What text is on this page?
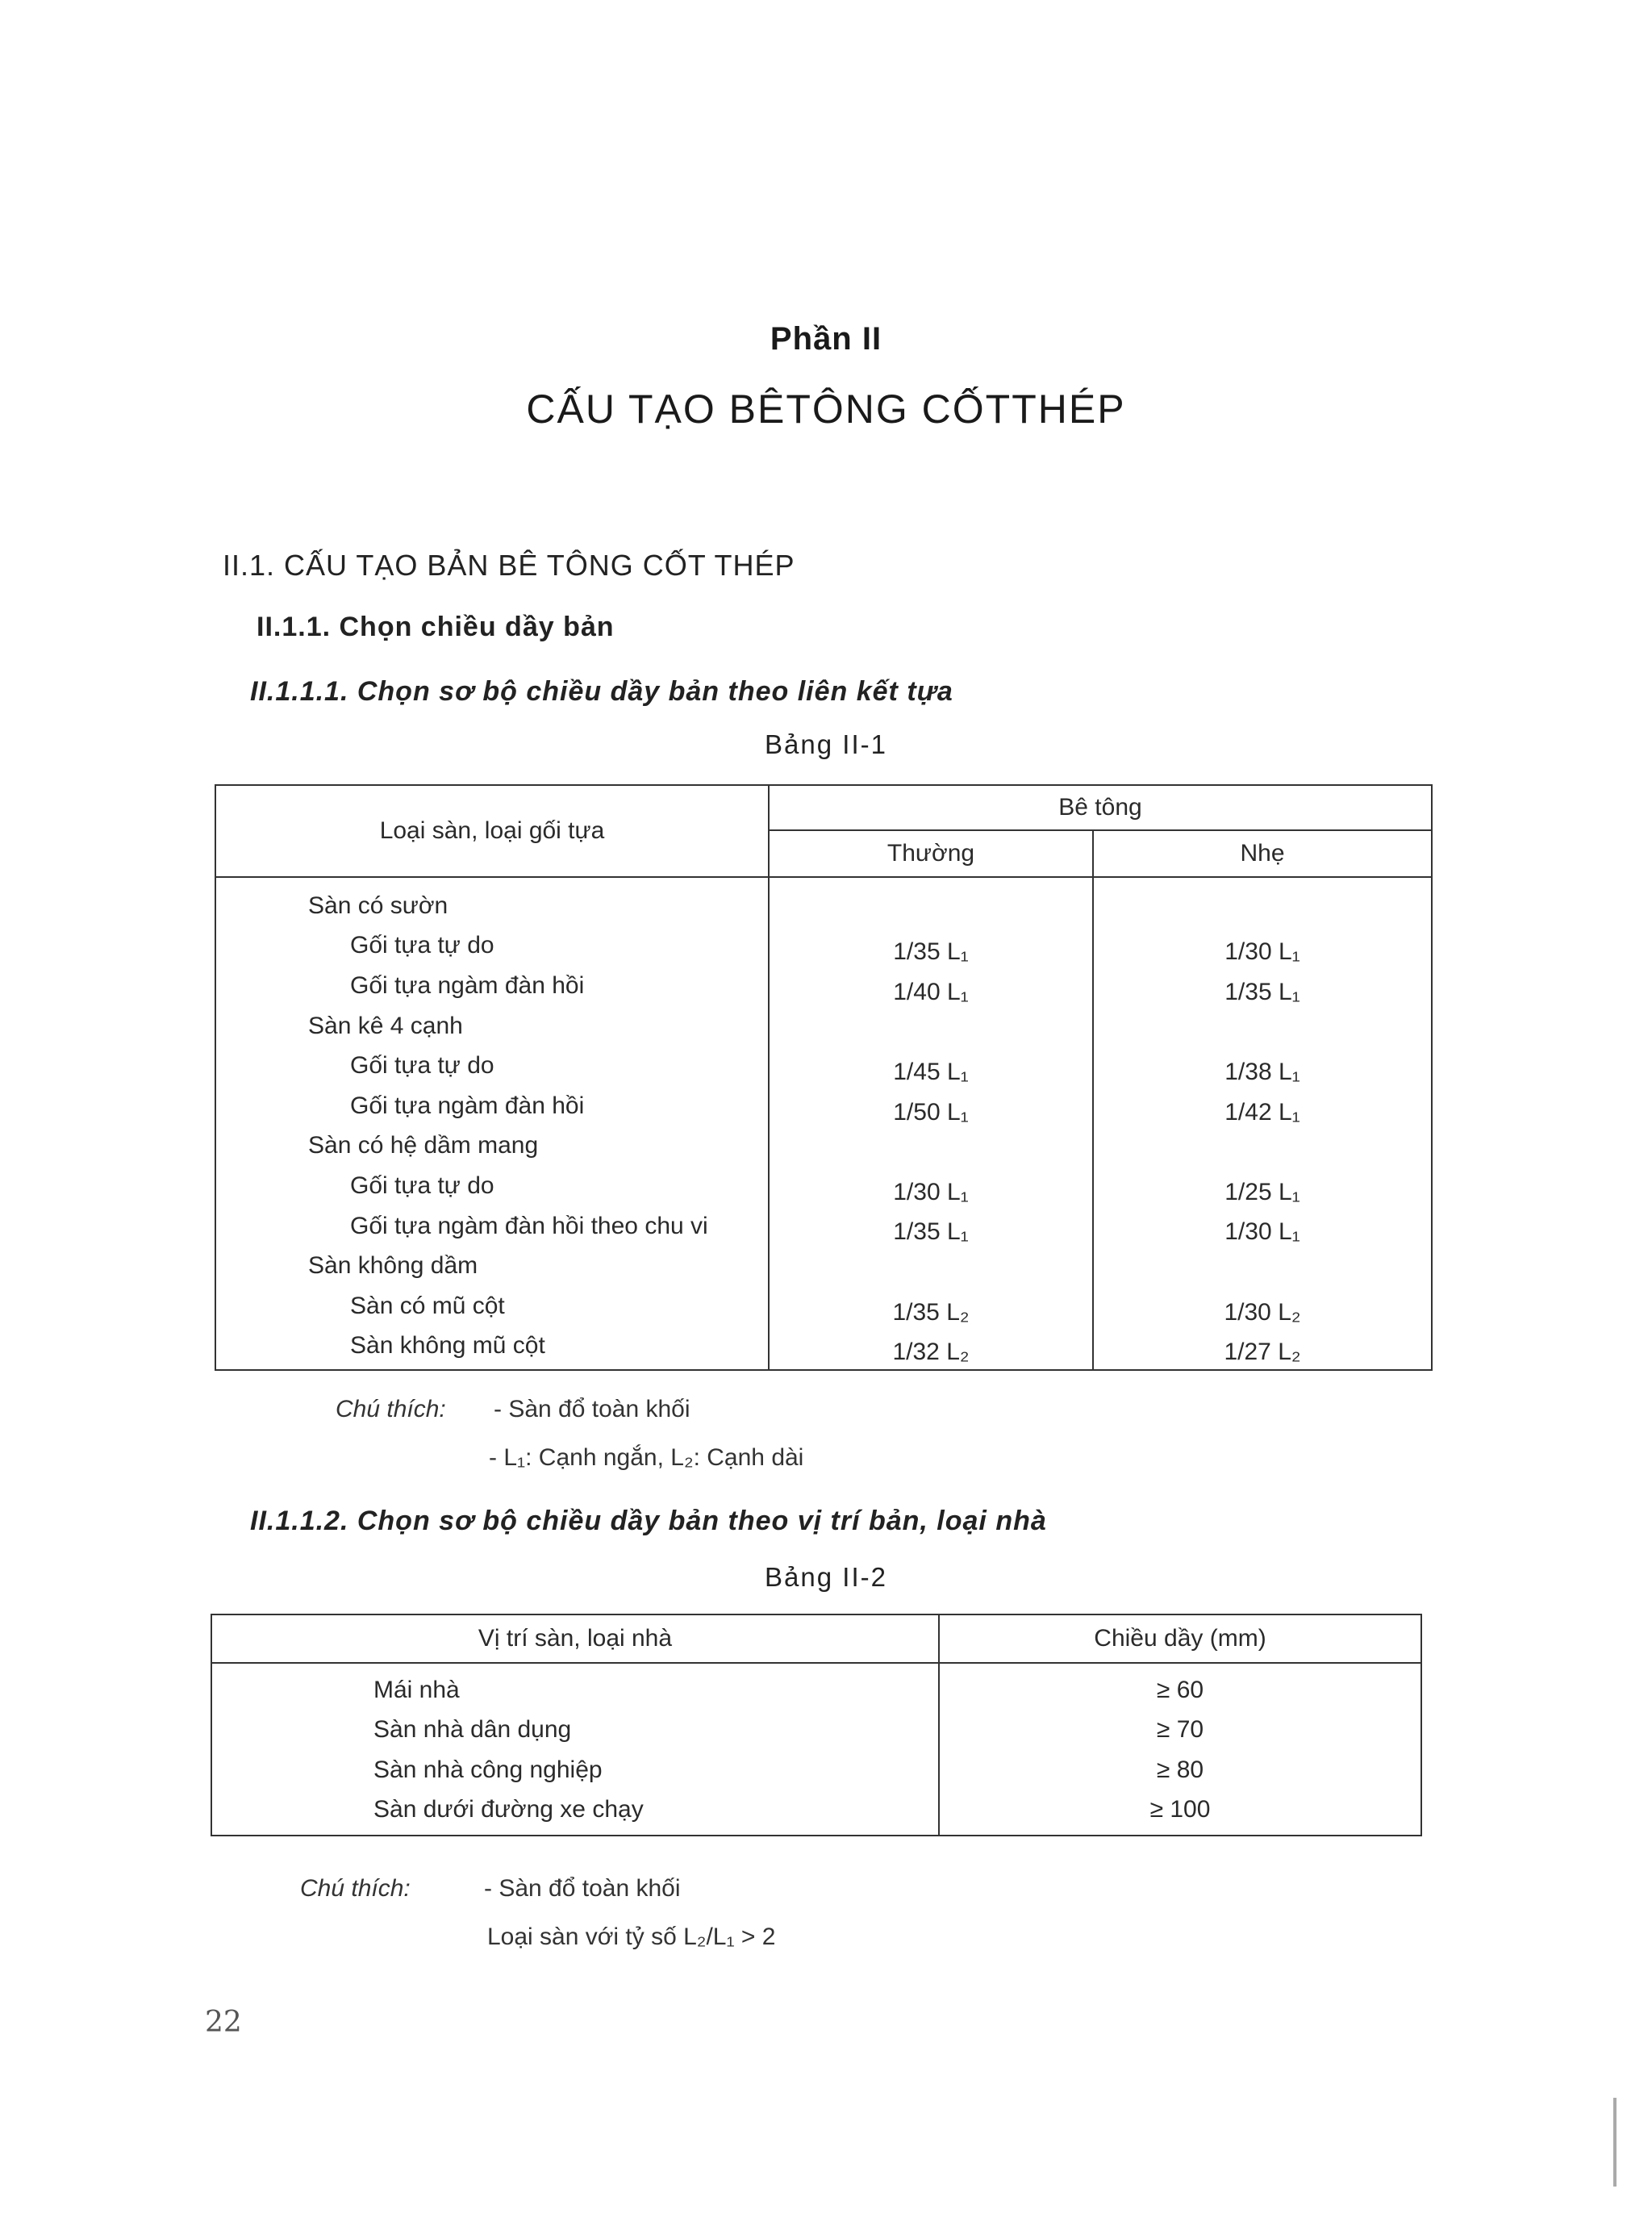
Phần II
CẤU TẠO BÊTÔNG CỐTTHÉP
II.1. CẤU TẠO BẢN BÊ TÔNG CỐT THÉP
II.1.1. Chọn chiều dầy bản
II.1.1.1. Chọn sơ bộ chiều dầy bản theo liên kết tựa
Bảng II-1
Loại sàn, loại gối tựa	Bê tông	
	Thường	Nhẹ
Sàn có sườn		
Gối tựa tự do	1/35 L₁	1/30 L₁
Gối tựa ngàm đàn hồi	1/40 L₁	1/35 L₁
Sàn kê 4 cạnh		
Gối tựa tự do	1/45 L₁	1/38 L₁
Gối tựa ngàm đàn hồi	1/50 L₁	1/42 L₁
Sàn có hệ dầm mang		
Gối tựa tự do	1/30 L₁	1/25 L₁
Gối tựa ngàm đàn hồi theo chu vi	1/35 L₁	1/30 L₁
Sàn không dầm		
Sàn có mũ cột	1/35 L₂	1/30 L₂
Sàn không mũ cột	1/32 L₂	1/27 L₂
Chú thích: - Sàn đổ toàn khối
- L₁: Cạnh ngắn, L₂: Cạnh dài
II.1.1.2. Chọn sơ bộ chiều dầy bản theo vị trí bản, loại nhà
Bảng II-2
Vị trí sàn, loại nhà	Chiều dầy (mm)
Mái nhà	≥ 60
Sàn nhà dân dụng	≥ 70
Sàn nhà công nghiệp	≥ 80
Sàn dưới đường xe chạy	≥ 100
Chú thích:	- Sàn đổ toàn khối
Loại sàn với tỷ số L₂/L₁ > 2
22
